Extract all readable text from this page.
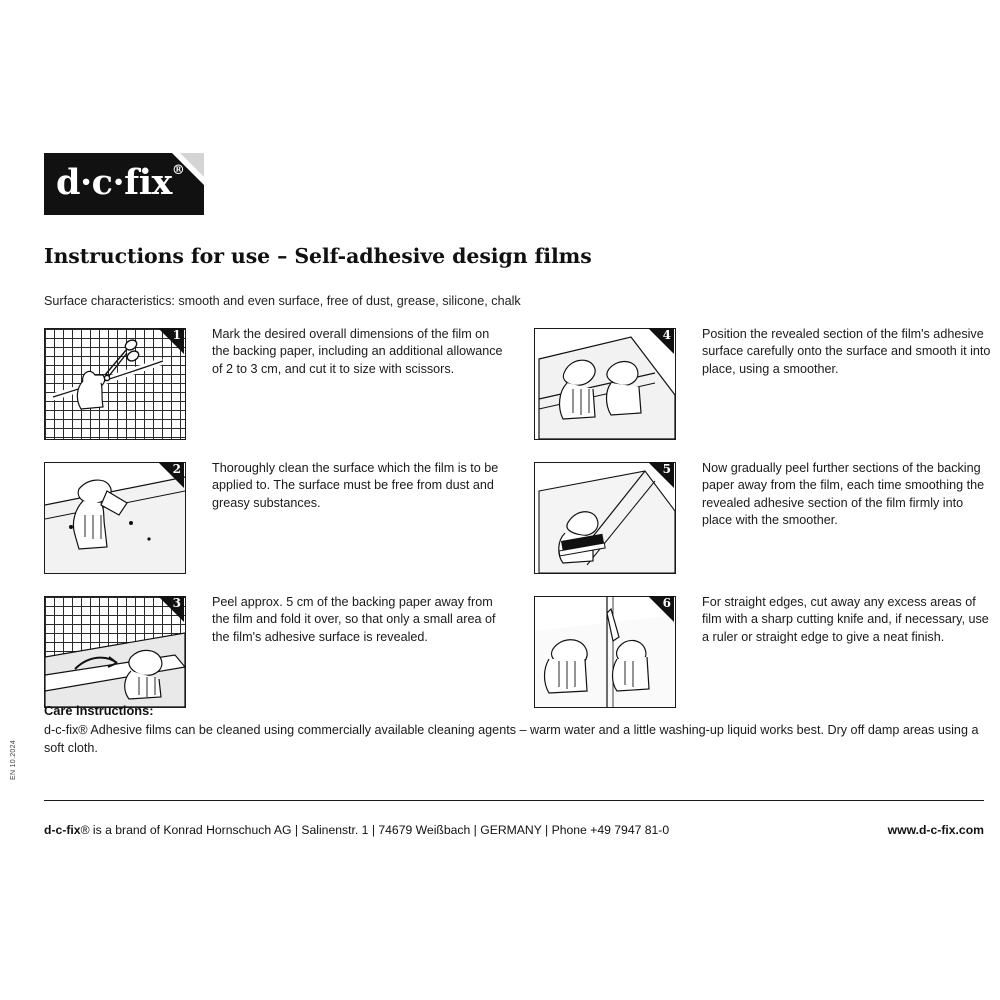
d·c·fix®
Instructions for use – Self-adhesive design films
Surface characteristics: smooth and even surface, free of dust, grease, silicone, chalk
1 Mark the desired overall dimensions of the film on the backing paper, including an additional allowance of 2 to 3 cm, and cut it to size with scissors.
2 Thoroughly clean the surface which the film is to be applied to. The surface must be free from dust and greasy substances.
3 Peel approx. 5 cm of the backing paper away from the film and fold it over, so that only a small area of the film's adhesive surface is revealed.
4 Position the revealed section of the film's adhesive surface carefully onto the surface and smooth it into place, using a smoother.
5 Now gradually peel further sections of the backing paper away from the film, each time smoothing the revealed adhesive section of the film firmly into place with the smoother.
6 For straight edges, cut away any excess areas of film with a sharp cutting knife and, if necessary, use a ruler or straight edge to give a neat finish.
Care instructions:
d-c-fix® Adhesive films can be cleaned using commercially available cleaning agents – warm water and a little washing-up liquid works best. Dry off damp areas using a soft cloth.
d-c-fix® is a brand of Konrad Hornschuch AG | Salinenstr. 1 | 74679 Weißbach | GERMANY | Phone +49 7947 81-0	www.d-c-fix.com
EN 10.2024
